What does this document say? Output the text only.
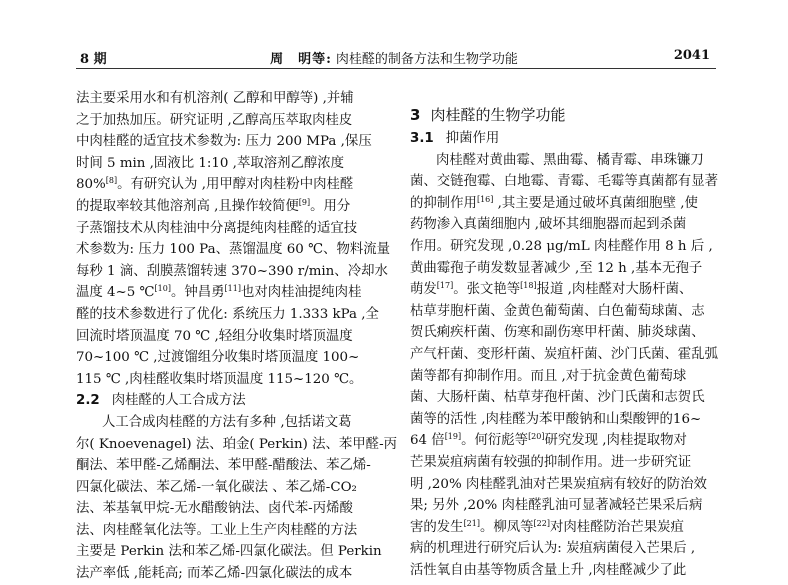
8 期	周　明等: 肉桂醛的制备方法和生物学功能	2041
法主要采用水和有机溶剂( 乙醇和甲醇等) ,并辅
之于加热加压。研究证明 ,乙醇高压萃取肉桂皮
中肉桂醛的适宜技术参数为: 压力 200 MPa ,保压
时间 5 min ,固液比 1:10 ,萃取溶剂乙醇浓度
80%[8]。有研究认为 ,用甲醇对肉桂粉中肉桂醛
的提取率较其他溶剂高 ,且操作较简便[9]。用分
子蒸馏技术从肉桂油中分离提纯肉桂醛的适宜技
术参数为: 压力 100 Pa、蒸馏温度 60 ℃、物料流量
每秒 1 滴、刮膜蒸馏转速 370~390 r/min、冷却水
温度 4~5 ℃[10]。钟昌勇[11]也对肉桂油提纯肉桂
醛的技术参数进行了优化: 系统压力 1.333 kPa ,全
回流时塔顶温度 70 ℃ ,轻组分收集时塔顶温度
70~100 ℃ ,过渡馏组分收集时塔顶温度 100~
115 ℃ ,肉桂醛收集时塔顶温度 115~120 ℃。
2.2 肉桂醛的人工合成方法
人工合成肉桂醛的方法有多种 ,包括诺文葛
尔( Knoevenagel) 法、珀金( Perkin) 法、苯甲醛-丙
酮法、苯甲醛-乙烯酮法、苯甲醛-醋酸法、苯乙烯-
四氯化碳法、苯乙烯-一氧化碳法 、苯乙烯-CO₂
法、苯基氧甲烷-无水醋酸钠法、卤代苯-丙烯酸
法、肉桂醛氧化法等。工业上生产肉桂醛的方法
主要是 Perkin 法和苯乙烯-四氯化碳法。但 Perkin
法产率低 ,能耗高; 而苯乙烯-四氯化碳法的成本
3 肉桂醛的生物学功能
3.1 抑菌作用
肉桂醛对黄曲霉、黑曲霉、橘青霉、串珠镰刀
菌、交链孢霉、白地霉、青霉、毛霉等真菌都有显著
的抑制作用[16] ,其主要是通过破坏真菌细胞壁 ,使
药物渗入真菌细胞内 ,破坏其细胞器而起到杀菌
作用。研究发现 ,0.28 μg/mL 肉桂醛作用 8 h 后 ,
黄曲霉孢子萌发数显著减少 ,至 12 h ,基本无孢子
萌发[17]。张文艳等[18]报道 ,肉桂醛对大肠杆菌、
枯草芽胞杆菌、金黄色葡萄菌、白色葡萄球菌、志
贺氏痢疾杆菌、伤寒和副伤寒甲杆菌、肺炎球菌、
产气杆菌、变形杆菌、炭疽杆菌、沙门氏菌、霍乱弧
菌等都有抑制作用。而且 ,对于抗金黄色葡萄球
菌、大肠杆菌、枯草芽孢杆菌、沙门氏菌和志贺氏
菌等的活性 ,肉桂醛为苯甲酸钠和山梨酸钾的16~
64 倍[19]。何衍彪等[20]研究发现 ,肉桂提取物对
芒果炭疽病菌有较强的抑制作用。进一步研究证
明 ,20% 肉桂醛乳油对芒果炭疽病有较好的防治效
果; 另外 ,20% 肉桂醛乳油可显著减轻芒果采后病
害的发生[21]。柳凤等[22]对肉桂醛防治芒果炭疽
病的机理进行研究后认为: 炭疽病菌侵入芒果后 ,
活性氧自由基等物质含量上升 ,肉桂醛减少了此
